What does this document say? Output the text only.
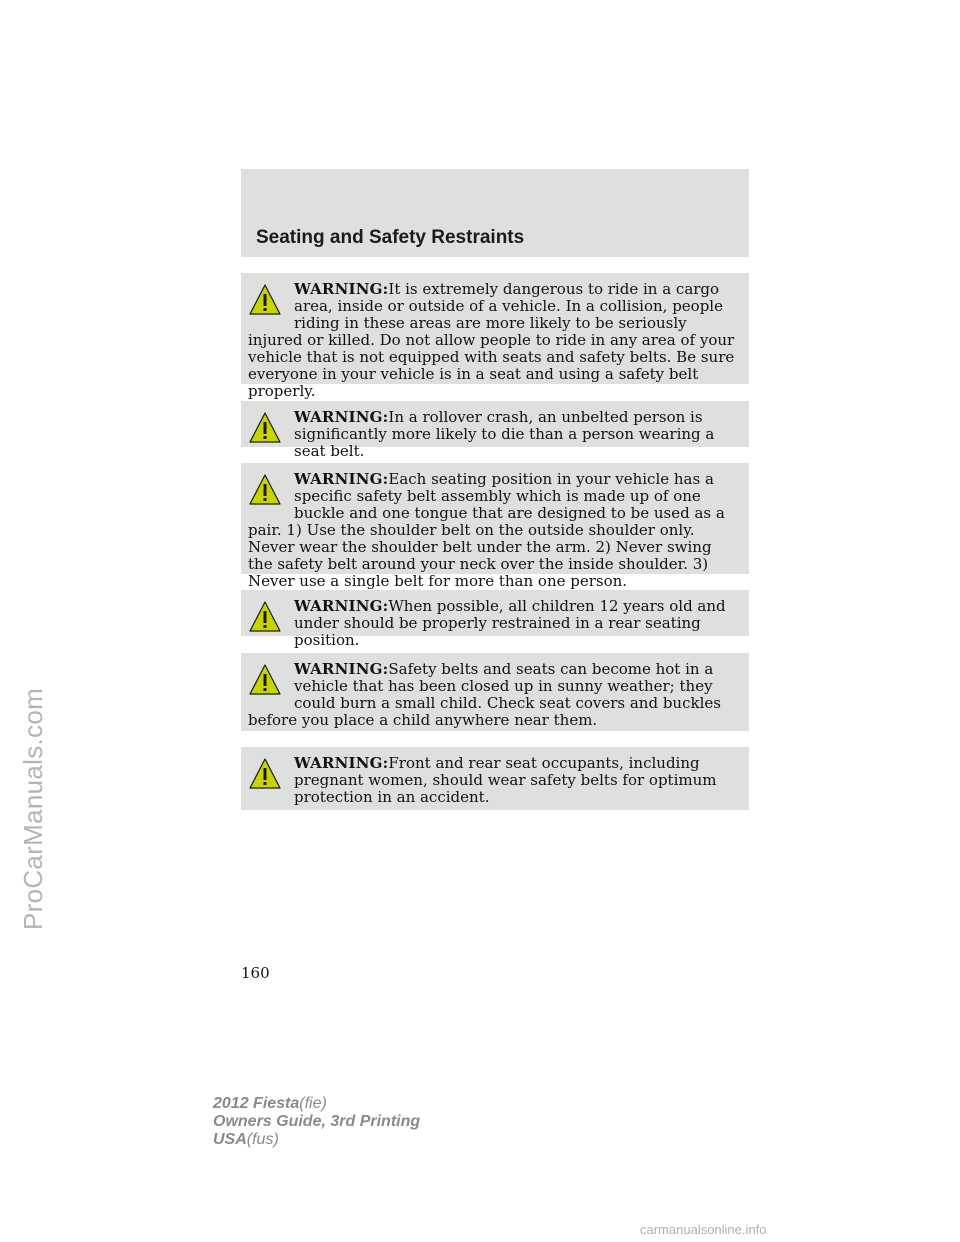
ProCarManuals.com
Seating and Safety Restraints
WARNING:It is extremely dangerous to ride in a cargo area, inside or outside of a vehicle. In a collision, people riding in these areas are more likely to be seriously injured or killed. Do not allow people to ride in any area of your vehicle that is not equipped with seats and safety belts. Be sure everyone in your vehicle is in a seat and using a safety belt properly.
WARNING:In a rollover crash, an unbelted person is significantly more likely to die than a person wearing a seat belt.
WARNING:Each seating position in your vehicle has a specific safety belt assembly which is made up of one buckle and one tongue that are designed to be used as a pair. 1) Use the shoulder belt on the outside shoulder only. Never wear the shoulder belt under the arm. 2) Never swing the safety belt around your neck over the inside shoulder. 3) Never use a single belt for more than one person.
WARNING:When possible, all children 12 years old and under should be properly restrained in a rear seating position.
WARNING:Safety belts and seats can become hot in a vehicle that has been closed up in sunny weather; they could burn a small child. Check seat covers and buckles before you place a child anywhere near them.
WARNING:Front and rear seat occupants, including pregnant women, should wear safety belts for optimum protection in an accident.
160
2012 Fiesta(fie)
Owners Guide, 3rd Printing
USA(fus)
carmanualsonline.info
